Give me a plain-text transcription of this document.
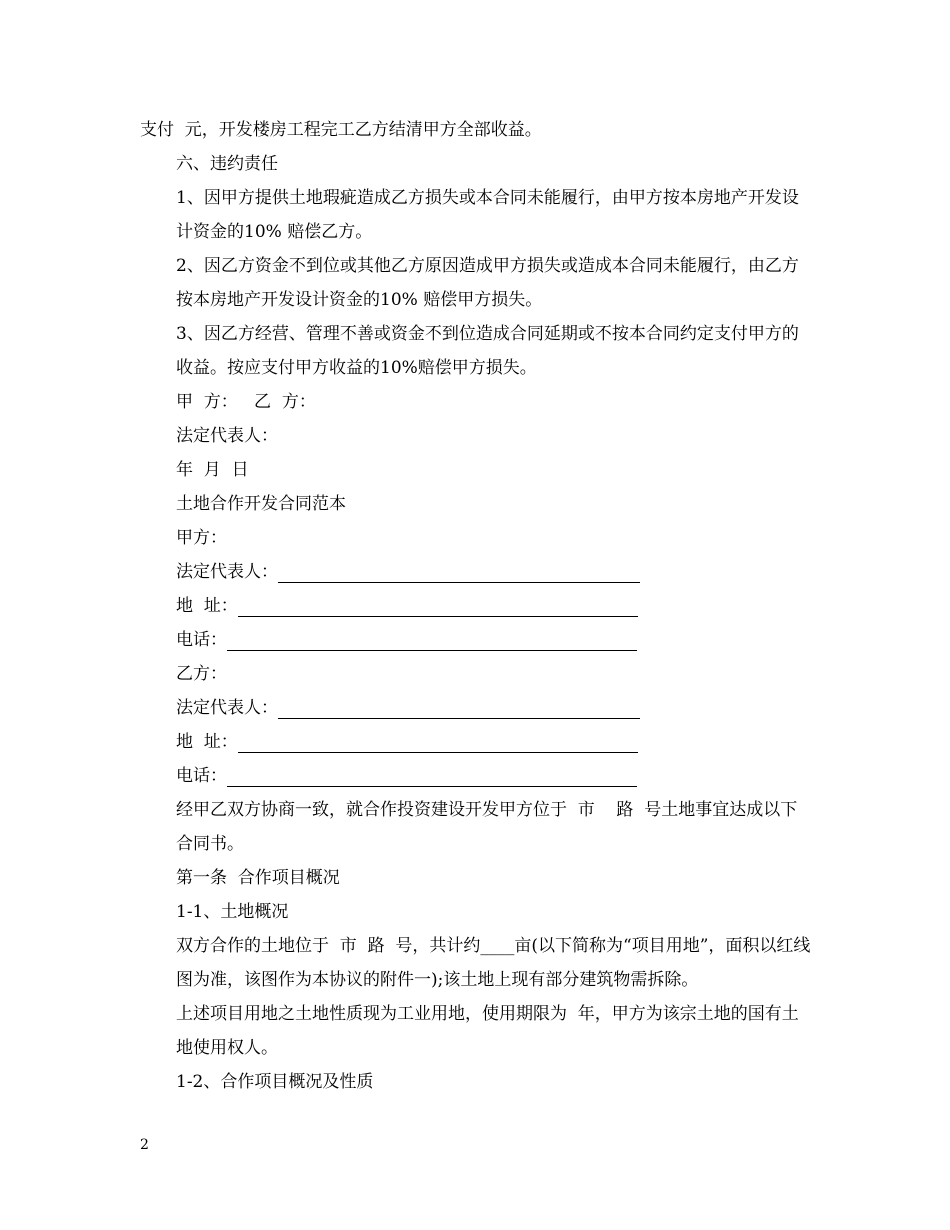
支付  元，开发楼房工程完工乙方结清甲方全部收益。

六、违约责任

1、因甲方提供土地瑕疵造成乙方损失或本合同未能履行，由甲方按本房地产开发设计资金的10% 赔偿乙方。

2、因乙方资金不到位或其他乙方原因造成甲方损失或造成本合同未能履行，由乙方按本房地产开发设计资金的10% 赔偿甲方损失。

3、因乙方经营、管理不善或资金不到位造成合同延期或不按本合同约定支付甲方的收益。按应支付甲方收益的10%赔偿甲方损失。

甲  方：   乙  方：

法定代表人：

年  月  日

土地合作开发合同范本

甲方：

法定代表人：
地  址：
电话：

乙方：

法定代表人：
地  址：
电话：

经甲乙双方协商一致，就合作投资建设开发甲方位于  市    路  号土地事宜达成以下合同书。

第一条  合作项目概况

1-1、土地概况

双方合作的土地位于  市  路  号，共计约____亩(以下简称为“项目用地”，面积以红线图为准，该图作为本协议的附件一);该土地上现有部分建筑物需拆除。

上述项目用地之土地性质现为工业用地，使用期限为  年，甲方为该宗土地的国有土地使用权人。

1-2、合作项目概况及性质

2
